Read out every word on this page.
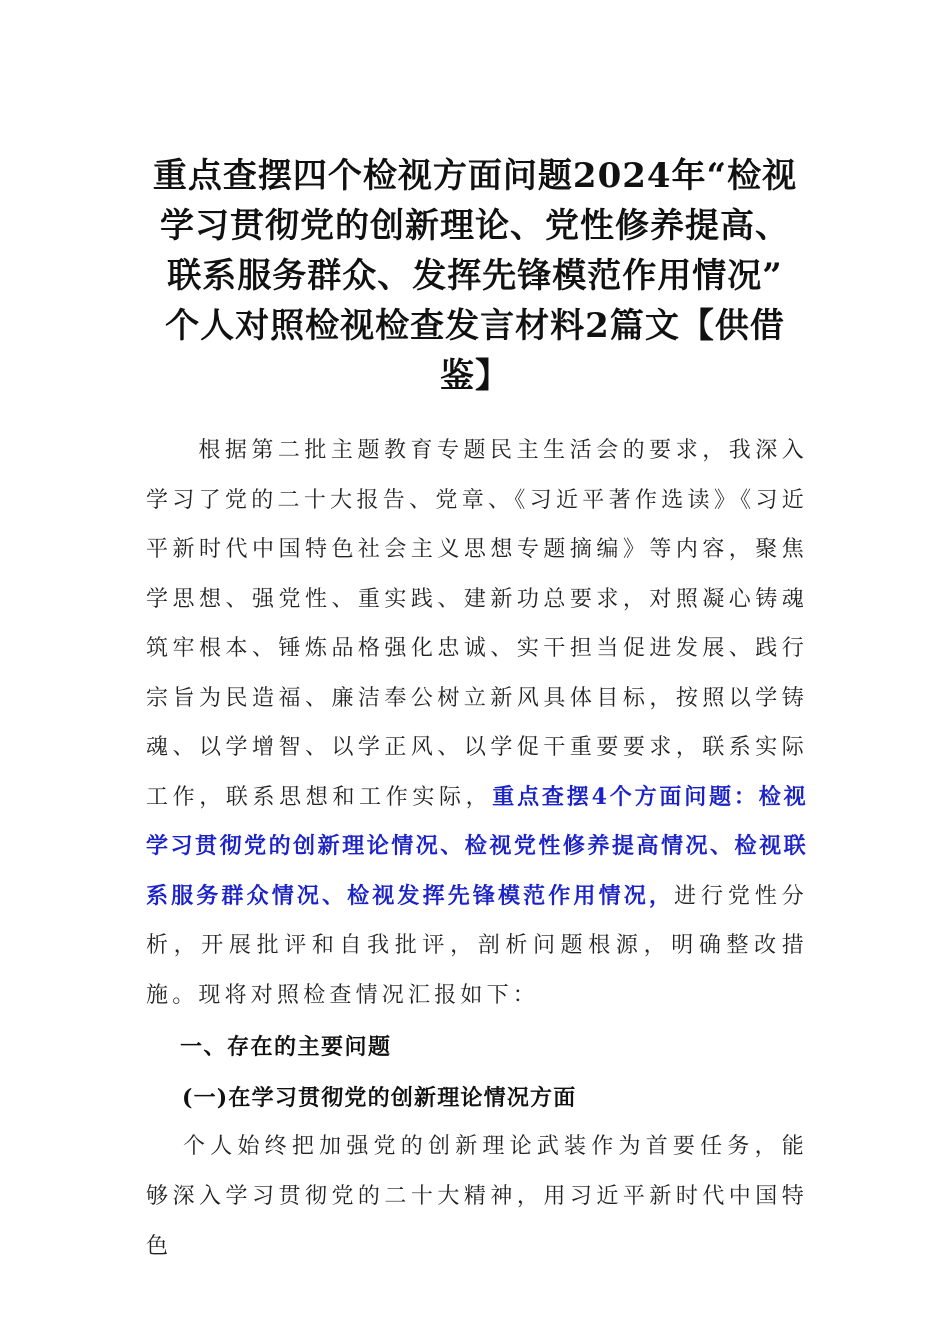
重点查摆四个检视方面问题2024年“检视
学习贯彻党的创新理论、党性修养提高、
联系服务群众、发挥先锋模范作用情况”
个人对照检视检查发言材料2篇文【供借
鉴】

根据第二批主题教育专题民主生活会的要求，我深入学习了党的二十大报告、党章、《习近平著作选读》《习近平新时代中国特色社会主义思想专题摘编》等内容，聚焦学思想、强党性、重实践、建新功总要求，对照凝心铸魂筑牢根本、锤炼品格强化忠诚、实干担当促进发展、践行宗旨为民造福、廉洁奉公树立新风具体目标，按照以学铸魂、以学增智、以学正风、以学促干重要要求，联系实际工作，联系思想和工作实际，重点查摆4个方面问题：检视学习贯彻党的创新理论情况、检视党性修养提高情况、检视联系服务群众情况、检视发挥先锋模范作用情况，进行党性分析，开展批评和自我批评，剖析问题根源，明确整改措施。现将对照检查情况汇报如下：

一、存在的主要问题
(一)在学习贯彻党的创新理论情况方面

个人始终把加强党的创新理论武装作为首要任务，能够深入学习贯彻党的二十大精神，用习近平新时代中国特色
